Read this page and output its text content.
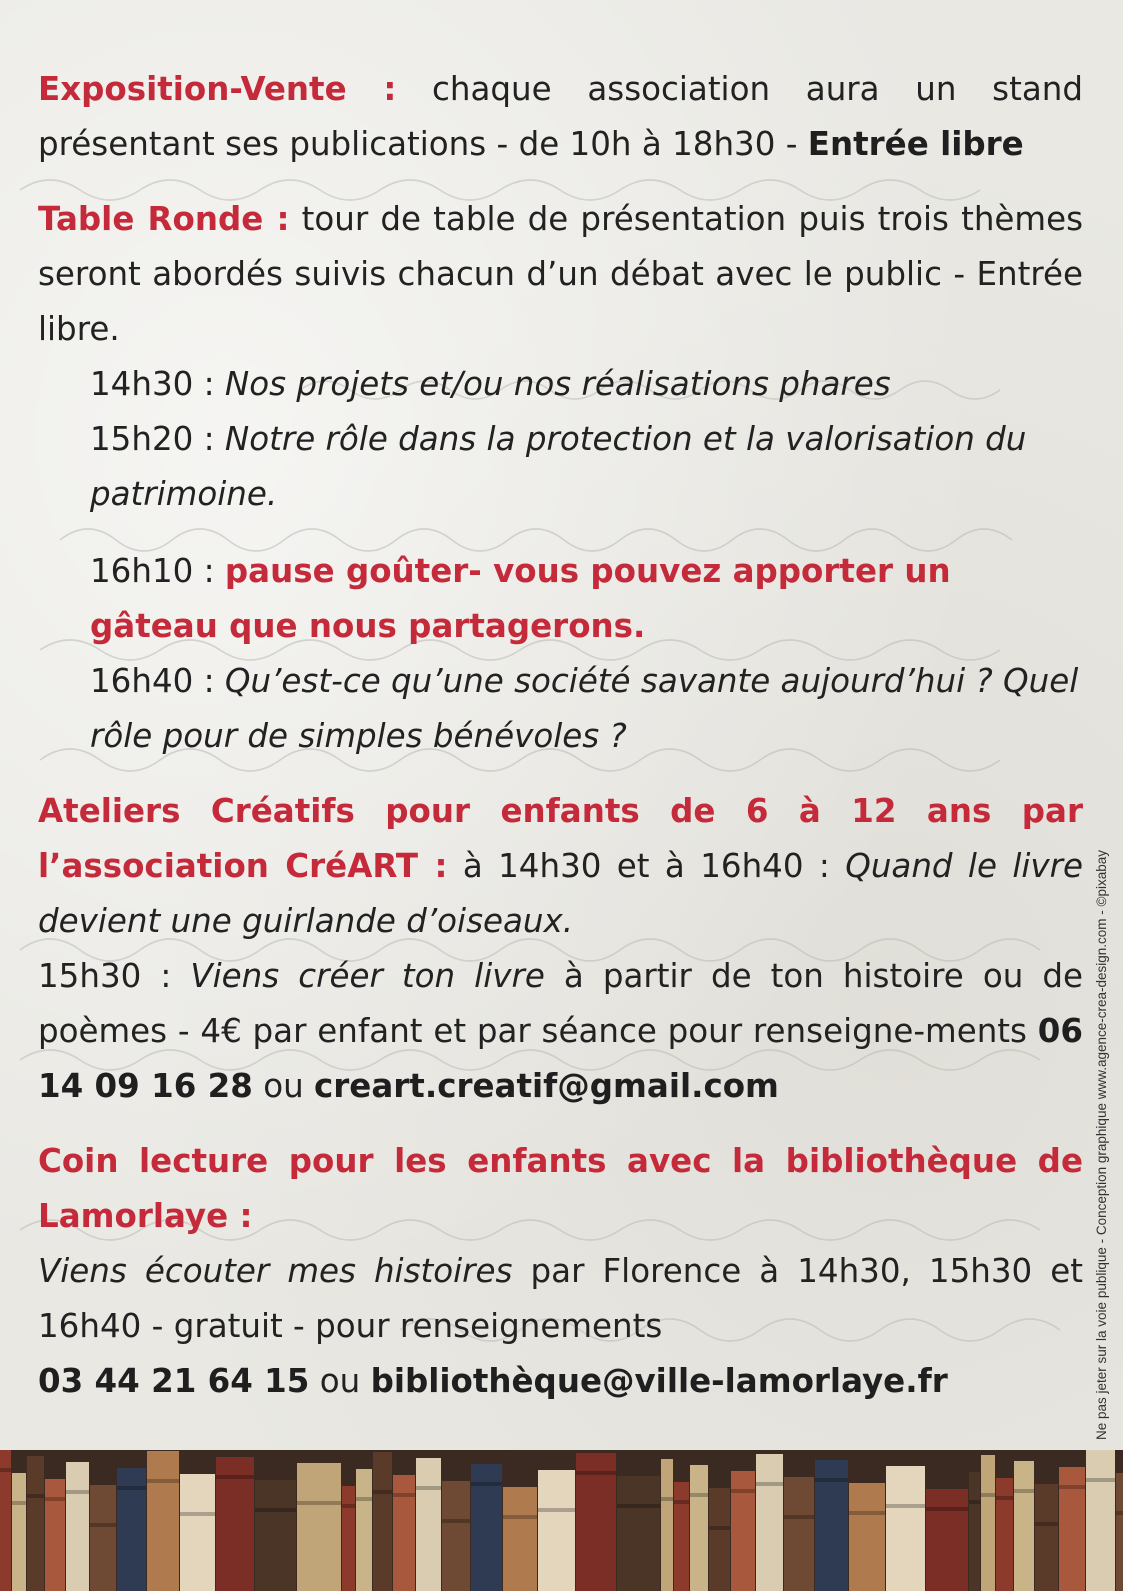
Exposition-Vente : chaque association aura un stand présentant ses publications - de 10h à 18h30 - Entrée libre

Table Ronde : tour de table de présentation puis trois thèmes seront abordés suivis chacun d’un débat avec le public - Entrée libre.

14h30 : Nos projets et/ou nos réalisations phares
15h20 : Notre rôle dans la protection et la valorisation du patrimoine.
16h10 : pause goûter- vous pouvez apporter un gâteau que nous partagerons.
16h40 : Qu’est-ce qu’une société savante aujourd’hui ? Quel rôle pour de simples bénévoles ?

Ateliers Créatifs pour enfants de 6 à 12 ans par l’association CréART : à 14h30 et à 16h40 : Quand le livre devient une guirlande d’oiseaux.
15h30 : Viens créer ton livre à partir de ton histoire ou de poèmes - 4€ par enfant et par séance pour renseigne-ments 06 14 09 16 28 ou creart.creatif@gmail.com

Coin lecture pour les enfants avec la bibliothèque de Lamorlaye :
Viens écouter mes histoires par Florence à 14h30, 15h30 et 16h40 - gratuit - pour renseignements
03 44 21 64 15 ou bibliothèque@ville-lamorlaye.fr	Ne pas jeter sur la voie publique - Conception graphique www.agence-crea-design.com - ©pixabay
